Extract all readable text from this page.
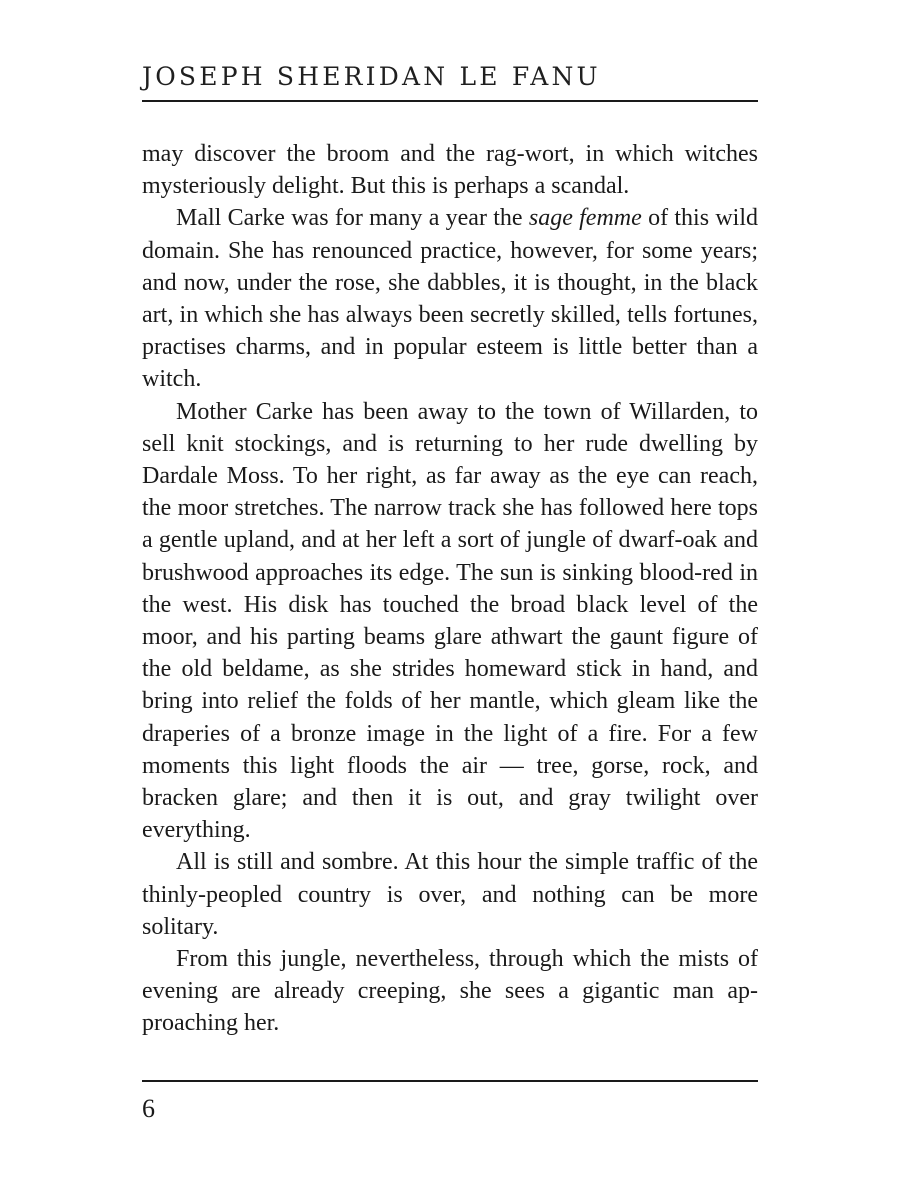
JOSEPH SHERIDAN LE FANU

may discover the broom and the rag-wort, in which witches mysteriously delight. But this is perhaps a scandal.

Mall Carke was for many a year the sage femme of this wild domain. She has renounced practice, however, for some years; and now, under the rose, she dabbles, it is thought, in the black art, in which she has always been secretly skilled, tells fortunes, practises charms, and in popular esteem is little better than a witch.

Mother Carke has been away to the town of Willarden, to sell knit stockings, and is returning to her rude dwelling by Dardale Moss. To her right, as far away as the eye can reach, the moor stretches. The narrow track she has followed here tops a gentle upland, and at her left a sort of jungle of dwarf-oak and brushwood approaches its edge. The sun is sinking blood-red in the west. His disk has touched the broad black level of the moor, and his parting beams glare athwart the gaunt figure of the old beldame, as she strides homeward stick in hand, and bring into relief the folds of her mantle, which gleam like the draperies of a bronze image in the light of a fire. For a few moments this light floods the air — tree, gorse, rock, and bracken glare; and then it is out, and gray twilight over everything.

All is still and sombre. At this hour the simple traffic of the thinly-peopled country is over, and nothing can be more solitary.

From this jungle, nevertheless, through which the mists of evening are already creeping, she sees a gigantic man approaching her.

6
